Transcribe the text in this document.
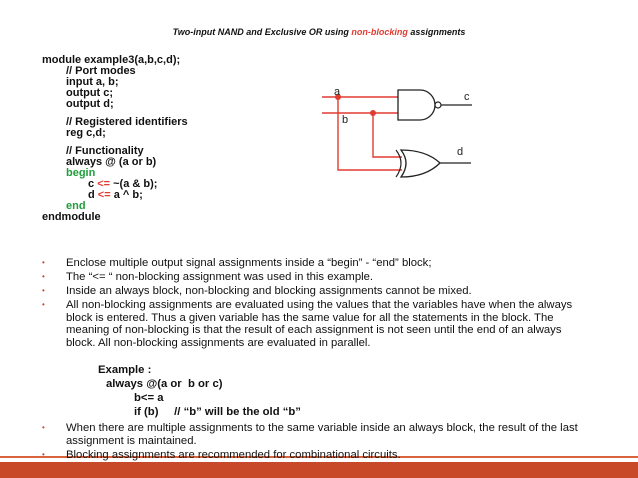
Two-input NAND and Exclusive OR using non-blocking assignments
module example3(a,b,c,d);
// Port modes
input a, b;
output c;
output d;
// Registered identifiers
reg c,d;
// Functionality
always @ (a or b)
begin
c <= ~(a & b);
d <= a ^ b;
end
endmodule
a
b
c
d
• Enclose multiple output signal assignments inside a “begin” - “end” block;
• The “<= “ non-blocking assignment was used in this example.
• Inside an always block, non-blocking and blocking assignments cannot be mixed.
• All non-blocking assignments are evaluated using the values that the variables have when the always block is entered. Thus a given variable has the same value for all the statements in the block. The meaning of non-blocking is that the result of each assignment is not seen until the end of an always block. All non-blocking assignments are evaluated in parallel.
Example :
always @(a or  b or c)
b<= a
if (b)     // “b” will be the old “b”
• When there are multiple assignments to the same variable inside an always block, the result of the last assignment is maintained.
• Blocking assignments are recommended for combinational circuits.
